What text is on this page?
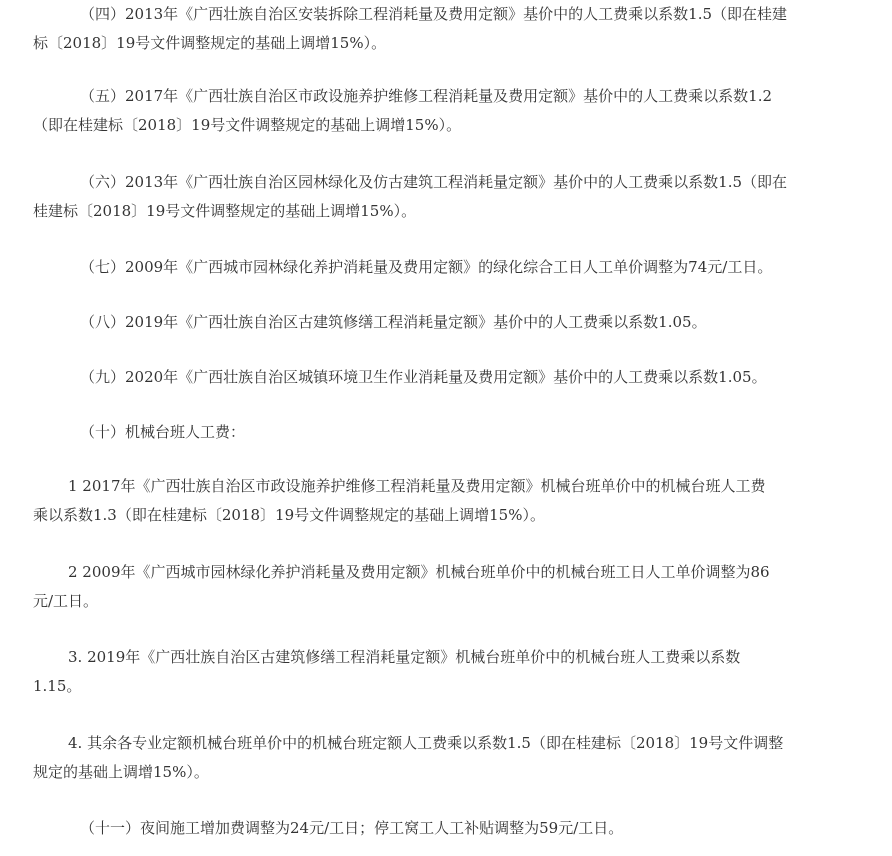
（四）2013年《广西壮族自治区安装拆除工程消耗量及费用定额》基价中的人工费乘以系数1.5（即在桂建
标〔2018〕19号文件调整规定的基础上调增15%）。

（五）2017年《广西壮族自治区市政设施养护维修工程消耗量及费用定额》基价中的人工费乘以系数1.2
（即在桂建标〔2018〕19号文件调整规定的基础上调增15%）。

（六）2013年《广西壮族自治区园林绿化及仿古建筑工程消耗量定额》基价中的人工费乘以系数1.5（即在
桂建标〔2018〕19号文件调整规定的基础上调增15%）。

（七）2009年《广西城市园林绿化养护消耗量及费用定额》的绿化综合工日人工单价调整为74元/工日。

（八）2019年《广西壮族自治区古建筑修缮工程消耗量定额》基价中的人工费乘以系数1.05。

（九）2020年《广西壮族自治区城镇环境卫生作业消耗量及费用定额》基价中的人工费乘以系数1.05。

（十）机械台班人工费：

1 2017年《广西壮族自治区市政设施养护维修工程消耗量及费用定额》机械台班单价中的机械台班人工费
乘以系数1.3（即在桂建标〔2018〕19号文件调整规定的基础上调增15%）。

2 2009年《广西城市园林绿化养护消耗量及费用定额》机械台班单价中的机械台班工日人工单价调整为86
元/工日。

3. 2019年《广西壮族自治区古建筑修缮工程消耗量定额》机械台班单价中的机械台班人工费乘以系数
1.15。

4. 其余各专业定额机械台班单价中的机械台班定额人工费乘以系数1.5（即在桂建标〔2018〕19号文件调整
规定的基础上调增15%）。

（十一）夜间施工增加费调整为24元/工日；停工窝工人工补贴调整为59元/工日。
